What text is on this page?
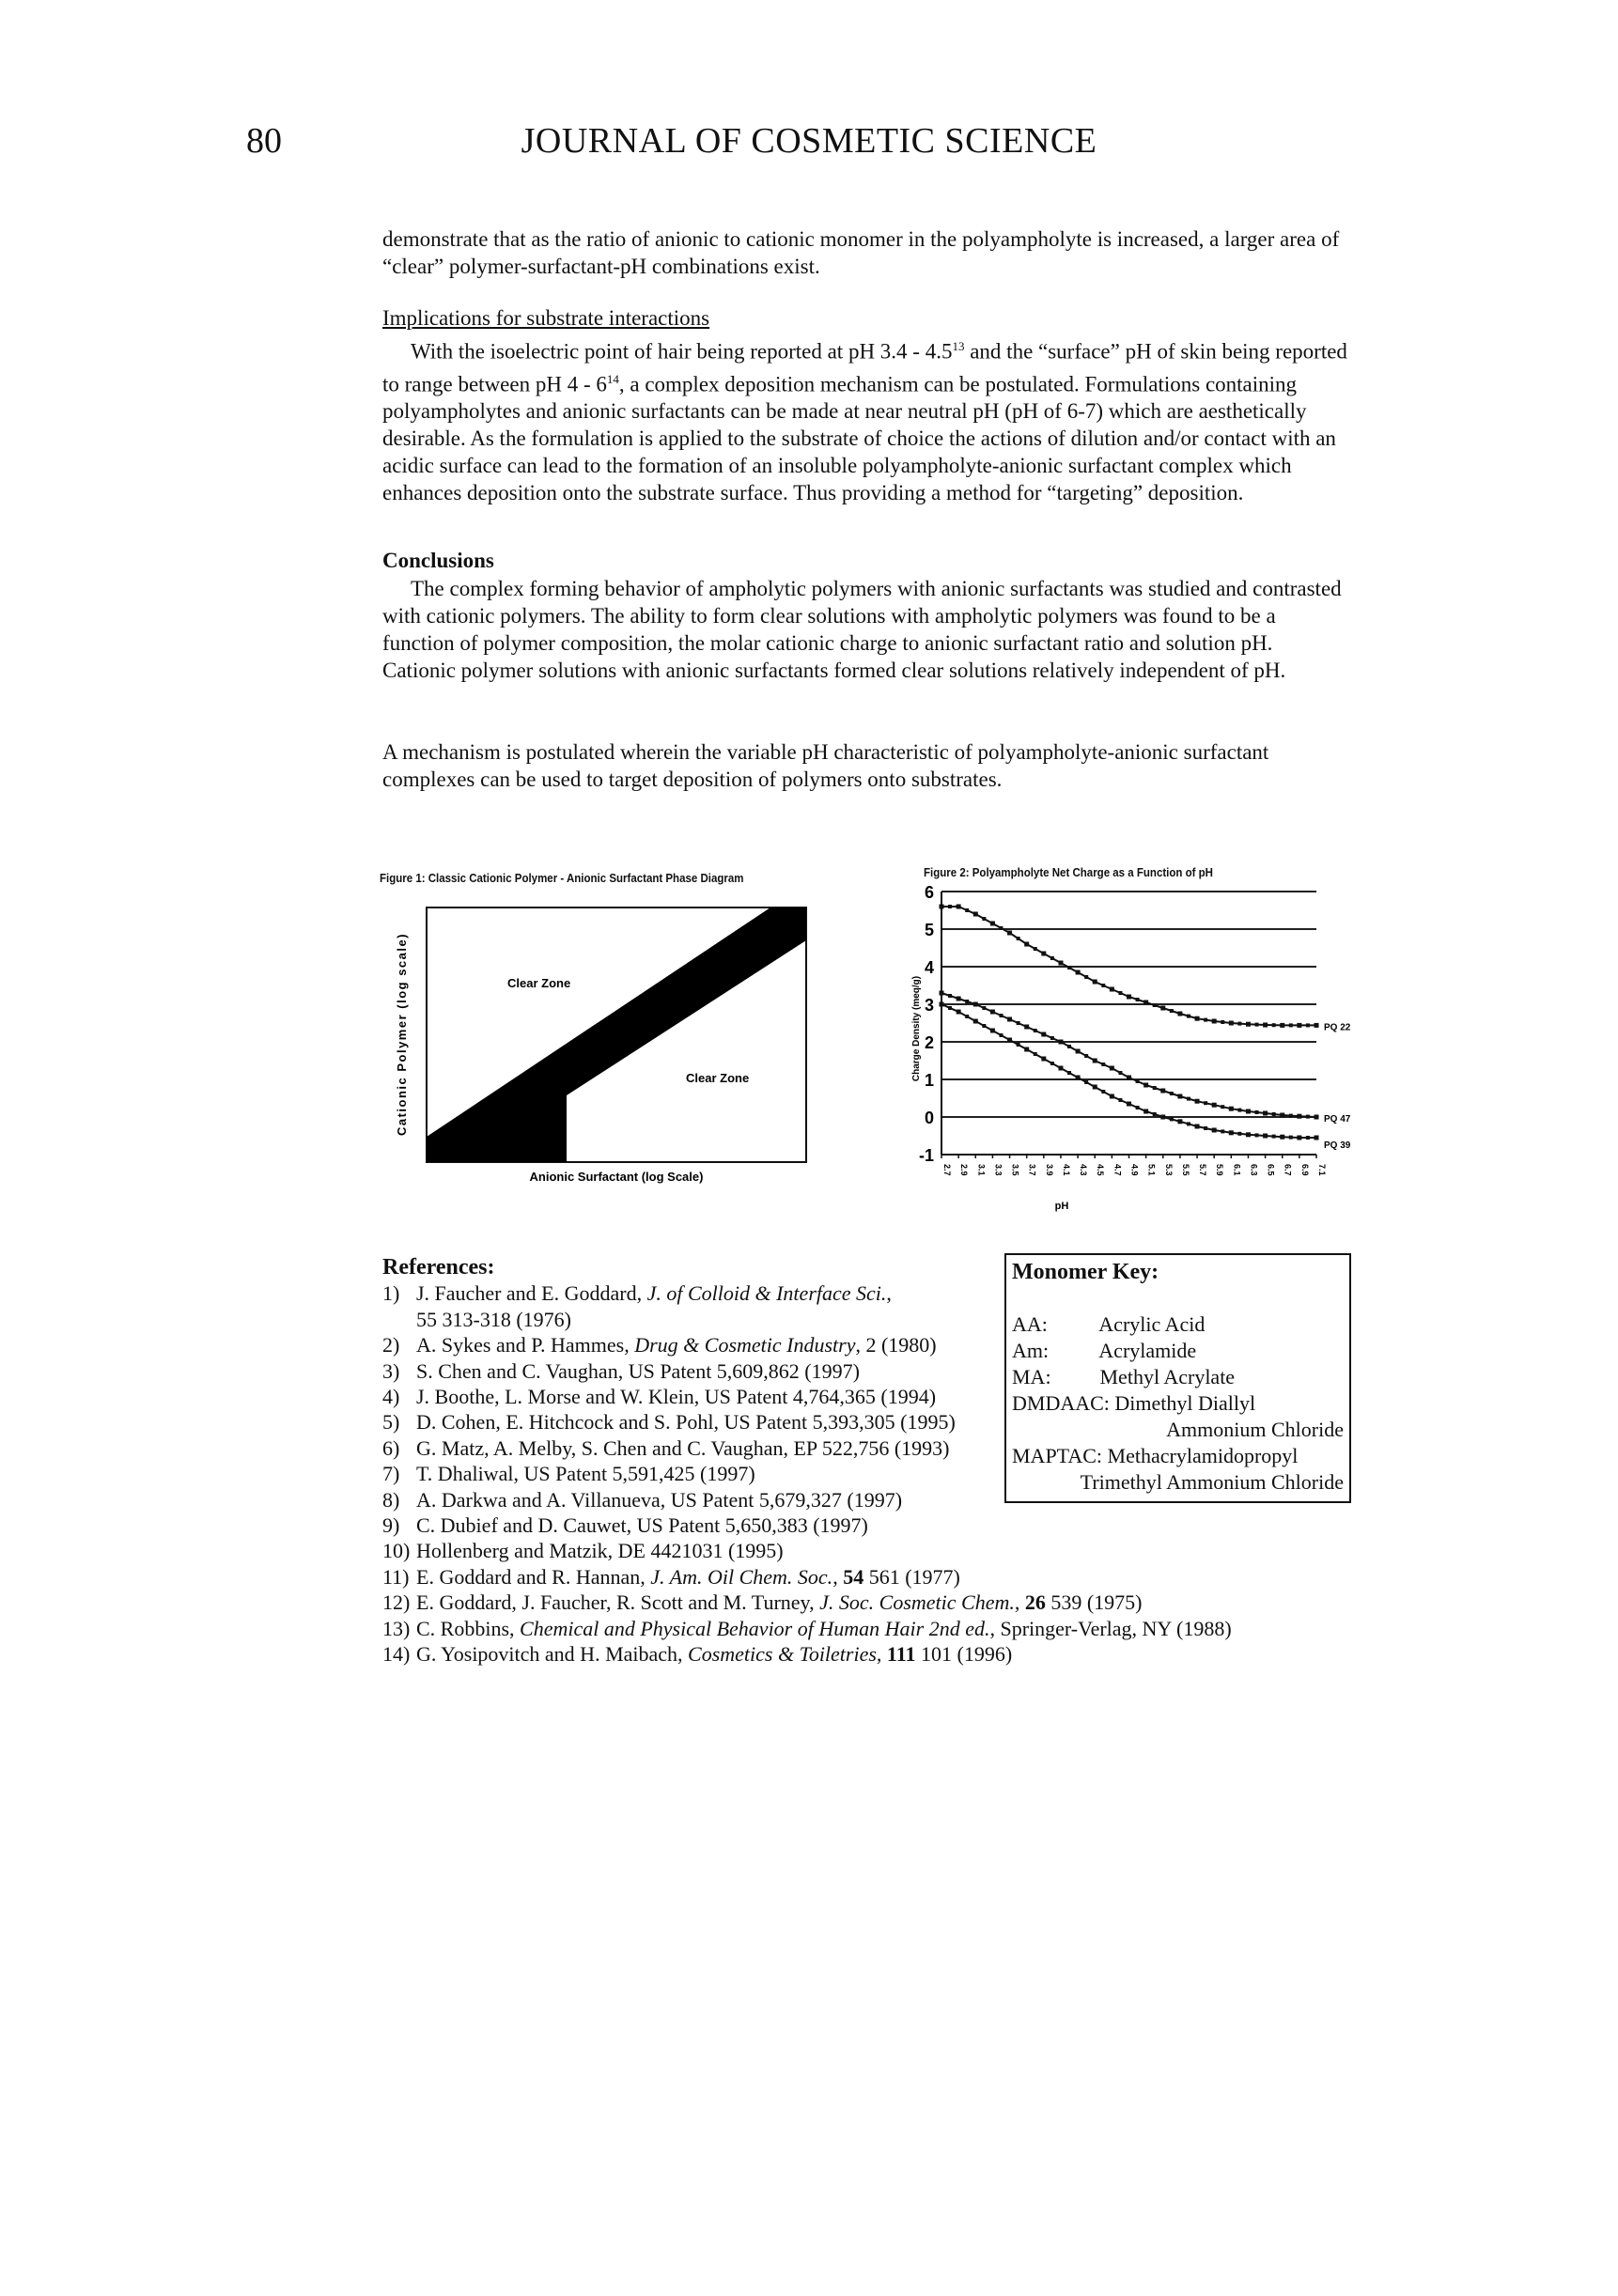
80	JOURNAL OF COSMETIC SCIENCE
demonstrate that as the ratio of anionic to cationic monomer in the polyampholyte is increased, a larger area of “clear” polymer-surfactant-pH combinations exist.
Implications for substrate interactions
With the isoelectric point of hair being reported at pH $3.4 - 4.5^{13}$ and the “surface” pH of skin being reported to range between pH $4 - 6^{14}$, a complex deposition mechanism can be postulated. Formulations containing polyampholytes and anionic surfactants can be made at near neutral pH (pH of 6-7) which are aesthetically desirable. As the formulation is applied to the substrate of choice the actions of dilution and/or contact with an acidic surface can lead to the formation of an insoluble polyampholyte-anionic surfactant complex which enhances deposition onto the substrate surface. Thus providing a method for “targeting” deposition.
Conclusions
The complex forming behavior of ampholytic polymers with anionic surfactants was studied and contrasted with cationic polymers. The ability to form clear solutions with ampholytic polymers was found to be a function of polymer composition, the molar cationic charge to anionic surfactant ratio and solution pH. Cationic polymer solutions with anionic surfactants formed clear solutions relatively independent of pH.
A mechanism is postulated wherein the variable pH characteristic of polyampholyte-anionic surfactant complexes can be used to target deposition of polymers onto substrates.
Figure 1: Classic Cationic Polymer - Anionic Surfactant Phase Diagram
Clear Zone
Clear Zone
Cationic Polymer (log scale)
Anionic Surfactant (log Scale)
Figure 2: Polyampholyte Net Charge as a Function of pH
Charge Density (meq/g)
pH
6
5
4
3
2
1
0
-1
2.7 2.9 3.1 3.3 3.5 3.7 3.9 4.1 4.3 4.5 4.7 4.9 5.1 5.3 5.5 5.7 5.9 6.1 6.3 6.5 6.7 6.9 7.1
PQ 22
PQ 47
PQ 39
References:
1) J. Faucher and E. Goddard, J. of Colloid & Interface Sci.,
55 313-318 (1976)
2) A. Sykes and P. Hammes, Drug & Cosmetic Industry, 2 (1980)
3) S. Chen and C. Vaughan, US Patent 5,609,862 (1997)
4) J. Boothe, L. Morse and W. Klein, US Patent 4,764,365 (1994)
5) D. Cohen, E. Hitchcock and S. Pohl, US Patent 5,393,305 (1995)
6) G. Matz, A. Melby, S. Chen and C. Vaughan, EP 522,756 (1993)
7) T. Dhaliwal, US Patent 5,591,425 (1997)
8) A. Darkwa and A. Villanueva, US Patent 5,679,327 (1997)
9) C. Dubief and D. Cauwet, US Patent 5,650,383 (1997)
10) Hollenberg and Matzik, DE 4421031 (1995)
11) E. Goddard and R. Hannan, J. Am. Oil Chem. Soc., 54 561 (1977)
12) E. Goddard, J. Faucher, R. Scott and M. Turney, J. Soc. Cosmetic Chem., 26 539 (1975)
13) C. Robbins, Chemical and Physical Behavior of Human Hair 2nd ed., Springer-Verlag, NY (1988)
14) G. Yosipovitch and H. Maibach, Cosmetics & Toiletries, 111 101 (1996)
Monomer Key:
AA: Acrylic Acid
Am: Acrylamide
MA: Methyl Acrylate
DMDAAC: Dimethyl Diallyl
Ammonium Chloride
MAPTAC: Methacrylamidopropyl
Trimethyl Ammonium Chloride
